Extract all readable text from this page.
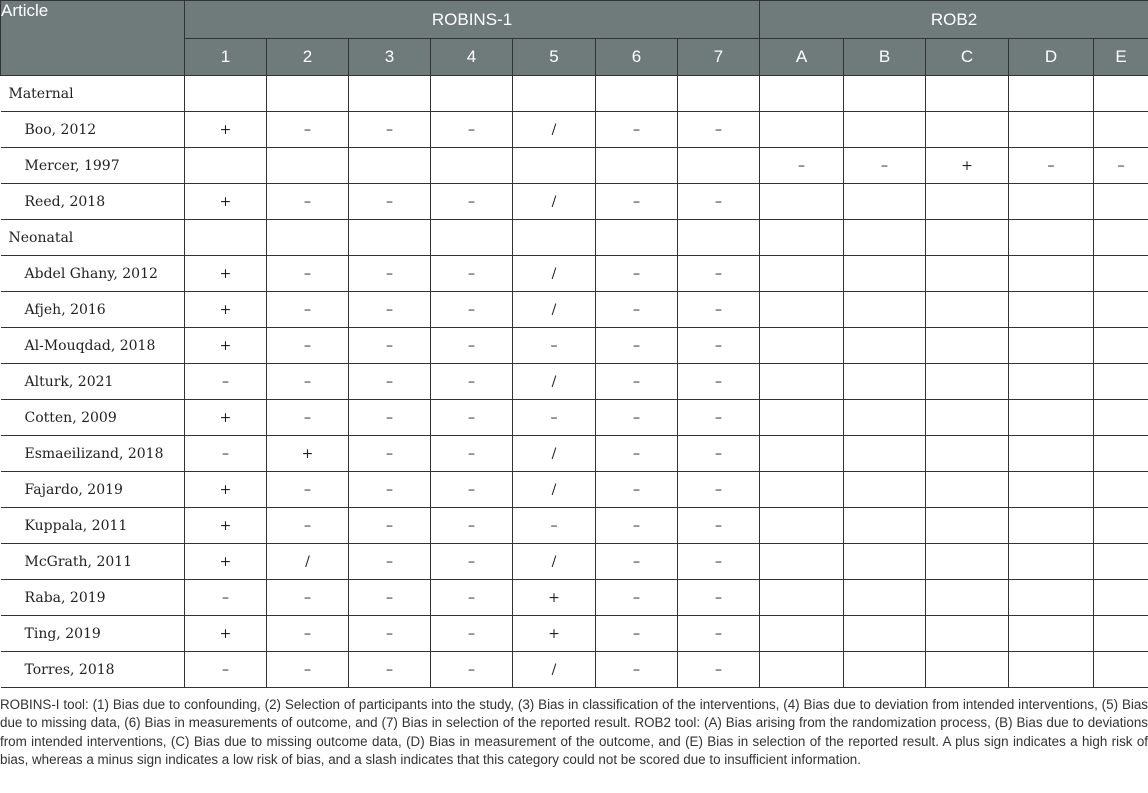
Article	ROBINS-1							ROB2				
	1	2	3	4	5	6	7	A	B	C	D	E
Maternal												
Boo, 2012	+	–	–	–	/	–	–					
Mercer, 1997								–	–	+	–	–
Reed, 2018	+	–	–	–	/	–	–					
Neonatal												
Abdel Ghany, 2012	+	–	–	–	/	–	–					
Afjeh, 2016	+	–	–	–	/	–	–					
Al-Mouqdad, 2018	+	–	–	–	–	–	–					
Alturk, 2021	–	–	–	–	/	–	–					
Cotten, 2009	+	–	–	–	–	–	–					
Esmaeilizand, 2018	–	+	–	–	/	–	–					
Fajardo, 2019	+	–	–	–	/	–	–					
Kuppala, 2011	+	–	–	–	–	–	–					
McGrath, 2011	+	/	–	–	/	–	–					
Raba, 2019	–	–	–	–	+	–	–					
Ting, 2019	+	–	–	–	+	–	–					
Torres, 2018	–	–	–	–	/	–	–					
ROBINS-I tool: (1) Bias due to confounding, (2) Selection of participants into the study, (3) Bias in classification of the interventions, (4) Bias due to deviation from intended interventions, (5) Bias due to missing data, (6) Bias in measurements of outcome, and (7) Bias in selection of the reported result. ROB2 tool: (A) Bias arising from the randomization process, (B) Bias due to deviations from intended interventions, (C) Bias due to missing outcome data, (D) Bias in measurement of the outcome, and (E) Bias in selection of the reported result. A plus sign indicates a high risk of bias, whereas a minus sign indicates a low risk of bias, and a slash indicates that this category could not be scored due to insufficient information.
